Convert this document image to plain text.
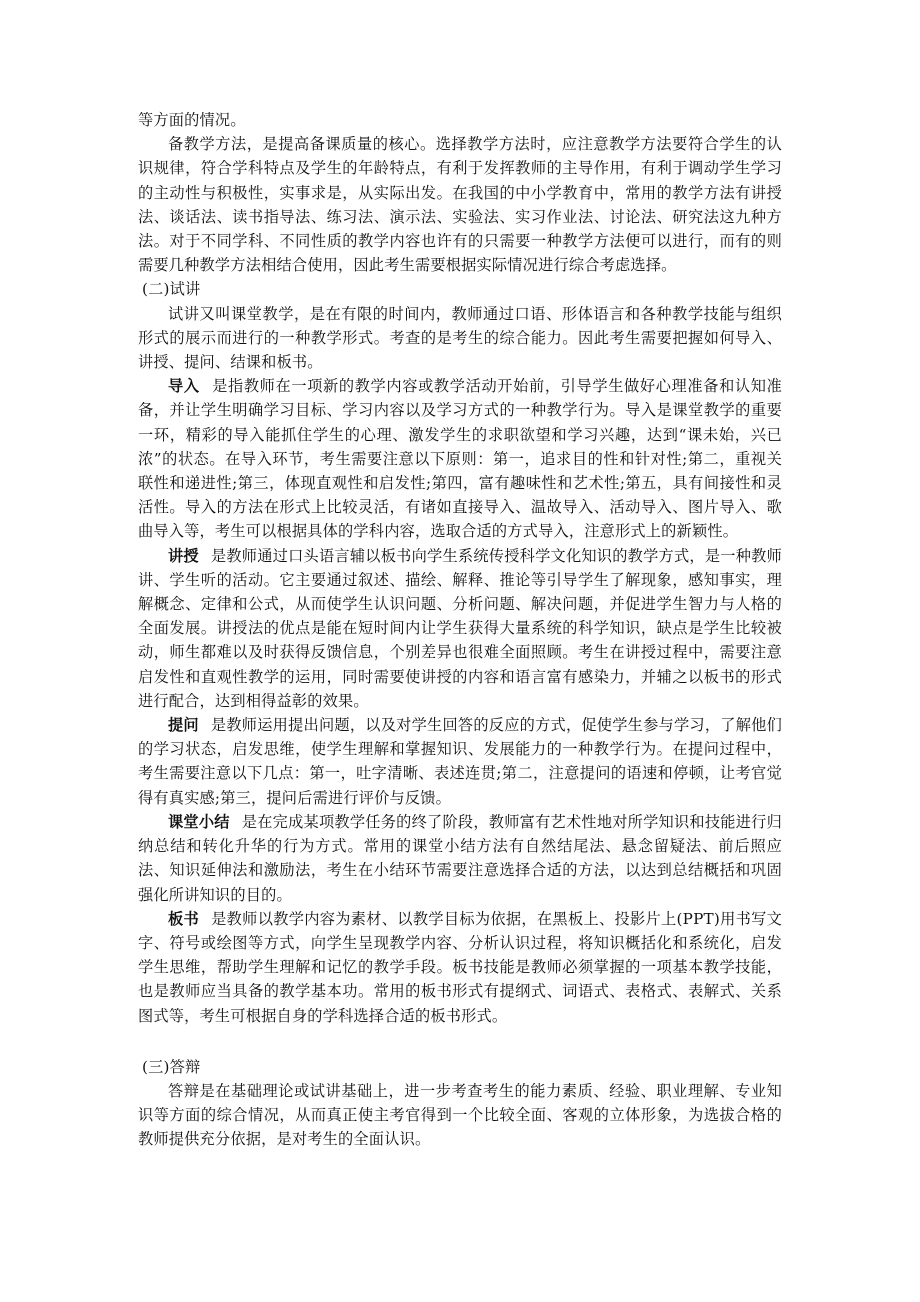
等方面的情况。

备教学方法，是提高备课质量的核心。选择教学方法时，应注意教学方法要符合学生的认识规律，符合学科特点及学生的年龄特点，有利于发挥教师的主导作用，有利于调动学生学习的主动性与积极性，实事求是，从实际出发。在我国的中小学教育中，常用的教学方法有讲授法、谈话法、读书指导法、练习法、演示法、实验法、实习作业法、讨论法、研究法这九种方法。对于不同学科、不同性质的教学内容也许有的只需要一种教学方法便可以进行，而有的则需要几种教学方法相结合使用，因此考生需要根据实际情况进行综合考虑选择。

(二)试讲

试讲又叫课堂教学，是在有限的时间内，教师通过口语、形体语言和各种教学技能与组织形式的展示而进行的一种教学形式。考查的是考生的综合能力。因此考生需要把握如何导入、讲授、提问、结课和板书。

导入 是指教师在一项新的教学内容或教学活动开始前，引导学生做好心理准备和认知准备，并让学生明确学习目标、学习内容以及学习方式的一种教学行为。导入是课堂教学的重要一环，精彩的导入能抓住学生的心理、激发学生的求职欲望和学习兴趣，达到“课未始，兴已浓”的状态。在导入环节，考生需要注意以下原则：第一，追求目的性和针对性;第二，重视关联性和递进性;第三，体现直观性和启发性;第四，富有趣味性和艺术性;第五，具有间接性和灵活性。导入的方法在形式上比较灵活，有诸如直接导入、温故导入、活动导入、图片导入、歌曲导入等，考生可以根据具体的学科内容，选取合适的方式导入，注意形式上的新颖性。

讲授 是教师通过口头语言辅以板书向学生系统传授科学文化知识的教学方式，是一种教师讲、学生听的活动。它主要通过叙述、描绘、解释、推论等引导学生了解现象，感知事实，理解概念、定律和公式，从而使学生认识问题、分析问题、解决问题，并促进学生智力与人格的全面发展。讲授法的优点是能在短时间内让学生获得大量系统的科学知识，缺点是学生比较被动，师生都难以及时获得反馈信息，个别差异也很难全面照顾。考生在讲授过程中，需要注意启发性和直观性教学的运用，同时需要使讲授的内容和语言富有感染力，并辅之以板书的形式进行配合，达到相得益彰的效果。

提问 是教师运用提出问题，以及对学生回答的反应的方式，促使学生参与学习，了解他们的学习状态，启发思维，使学生理解和掌握知识、发展能力的一种教学行为。在提问过程中，考生需要注意以下几点：第一，吐字清晰、表述连贯;第二，注意提问的语速和停顿，让考官觉得有真实感;第三，提问后需进行评价与反馈。

课堂小结 是在完成某项教学任务的终了阶段，教师富有艺术性地对所学知识和技能进行归纳总结和转化升华的行为方式。常用的课堂小结方法有自然结尾法、悬念留疑法、前后照应法、知识延伸法和激励法，考生在小结环节需要注意选择合适的方法，以达到总结概括和巩固强化所讲知识的目的。

板书 是教师以教学内容为素材、以教学目标为依据，在黑板上、投影片上(PPT)用书写文字、符号或绘图等方式，向学生呈现教学内容、分析认识过程，将知识概括化和系统化，启发学生思维，帮助学生理解和记忆的教学手段。板书技能是教师必须掌握的一项基本教学技能，也是教师应当具备的教学基本功。常用的板书形式有提纲式、词语式、表格式、表解式、关系图式等，考生可根据自身的学科选择合适的板书形式。

(三)答辩

答辩是在基础理论或试讲基础上，进一步考查考生的能力素质、经验、职业理解、专业知识等方面的综合情况，从而真正使主考官得到一个比较全面、客观的立体形象，为选拔合格的教师提供充分依据，是对考生的全面认识。
